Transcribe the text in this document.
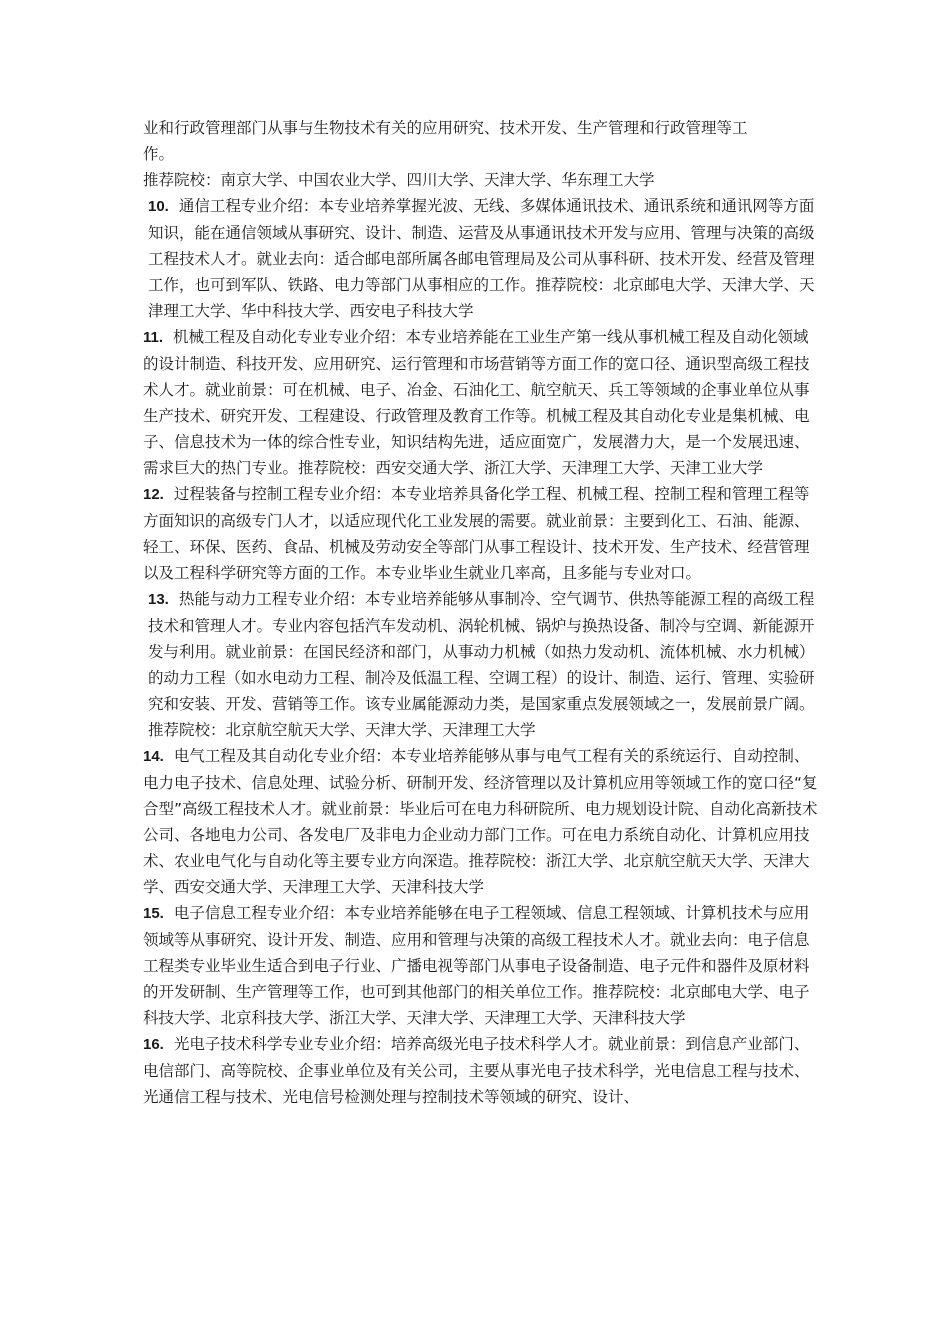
业和行政管理部门从事与生物技术有关的应用研究、技术开发、生产管理和行政管理等工
作。

推荐院校：南京大学、中国农业大学、四川大学、天津大学、华东理工大学

10. 通信工程专业介绍：本专业培养掌握光波、无线、多媒体通讯技术、通讯系统和通讯网等方面知识，能在通信领域从事研究、设计、制造、运营及从事通讯技术开发与应用、管理与决策的高级工程技术人才。就业去向：适合邮电部所属各邮电管理局及公司从事科研、技术开发、经营及管理工作，也可到军队、铁路、电力等部门从事相应的工作。推荐院校：北京邮电大学、天津大学、天津理工大学、华中科技大学、西安电子科技大学

11. 机械工程及自动化专业专业介绍：本专业培养能在工业生产第一线从事机械工程及自动化领域的设计制造、科技开发、应用研究、运行管理和市场营销等方面工作的宽口径、通识型高级工程技术人才。就业前景：可在机械、电子、冶金、石油化工、航空航天、兵工等领域的企事业单位从事生产技术、研究开发、工程建设、行政管理及教育工作等。机械工程及其自动化专业是集机械、电子、信息技术为一体的综合性专业，知识结构先进，适应面宽广，发展潜力大，是一个发展迅速、需求巨大的热门专业。推荐院校：西安交通大学、浙江大学、天津理工大学、天津工业大学

12. 过程装备与控制工程专业介绍：本专业培养具备化学工程、机械工程、控制工程和管理工程等方面知识的高级专门人才，以适应现代化工业发展的需要。就业前景：主要到化工、石油、能源、轻工、环保、医药、食品、机械及劳动安全等部门从事工程设计、技术开发、生产技术、经营管理以及工程科学研究等方面的工作。本专业毕业生就业几率高，且多能与专业对口。

13. 热能与动力工程专业介绍：本专业培养能够从事制冷、空气调节、供热等能源工程的高级工程技术和管理人才。专业内容包括汽车发动机、涡轮机械、锅炉与换热设备、制冷与空调、新能源开发与利用。就业前景：在国民经济和部门，从事动力机械（如热力发动机、流体机械、水力机械）的动力工程（如水电动力工程、制冷及低温工程、空调工程）的设计、制造、运行、管理、实验研究和安装、开发、营销等工作。该专业属能源动力类，是国家重点发展领域之一，发展前景广阔。推荐院校：北京航空航天大学、天津大学、天津理工大学

14. 电气工程及其自动化专业介绍：本专业培养能够从事与电气工程有关的系统运行、自动控制、电力电子技术、信息处理、试验分析、研制开发、经济管理以及计算机应用等领域工作的宽口径“复合型”高级工程技术人才。就业前景：毕业后可在电力科研院所、电力规划设计院、自动化高新技术公司、各地电力公司、各发电厂及非电力企业动力部门工作。可在电力系统自动化、计算机应用技术、农业电气化与自动化等主要专业方向深造。推荐院校：浙江大学、北京航空航天大学、天津大学、西安交通大学、天津理工大学、天津科技大学

15. 电子信息工程专业介绍：本专业培养能够在电子工程领域、信息工程领域、计算机技术与应用领域等从事研究、设计开发、制造、应用和管理与决策的高级工程技术人才。就业去向：电子信息工程类专业毕业生适合到电子行业、广播电视等部门从事电子设备制造、电子元件和器件及原材料的开发研制、生产管理等工作，也可到其他部门的相关单位工作。推荐院校：北京邮电大学、电子科技大学、北京科技大学、浙江大学、天津大学、天津理工大学、天津科技大学

16. 光电子技术科学专业专业介绍：培养高级光电子技术科学人才。就业前景：到信息产业部门、电信部门、高等院校、企事业单位及有关公司，主要从事光电子技术科学，光电信息工程与技术、光通信工程与技术、光电信号检测处理与控制技术等领域的研究、设计、
